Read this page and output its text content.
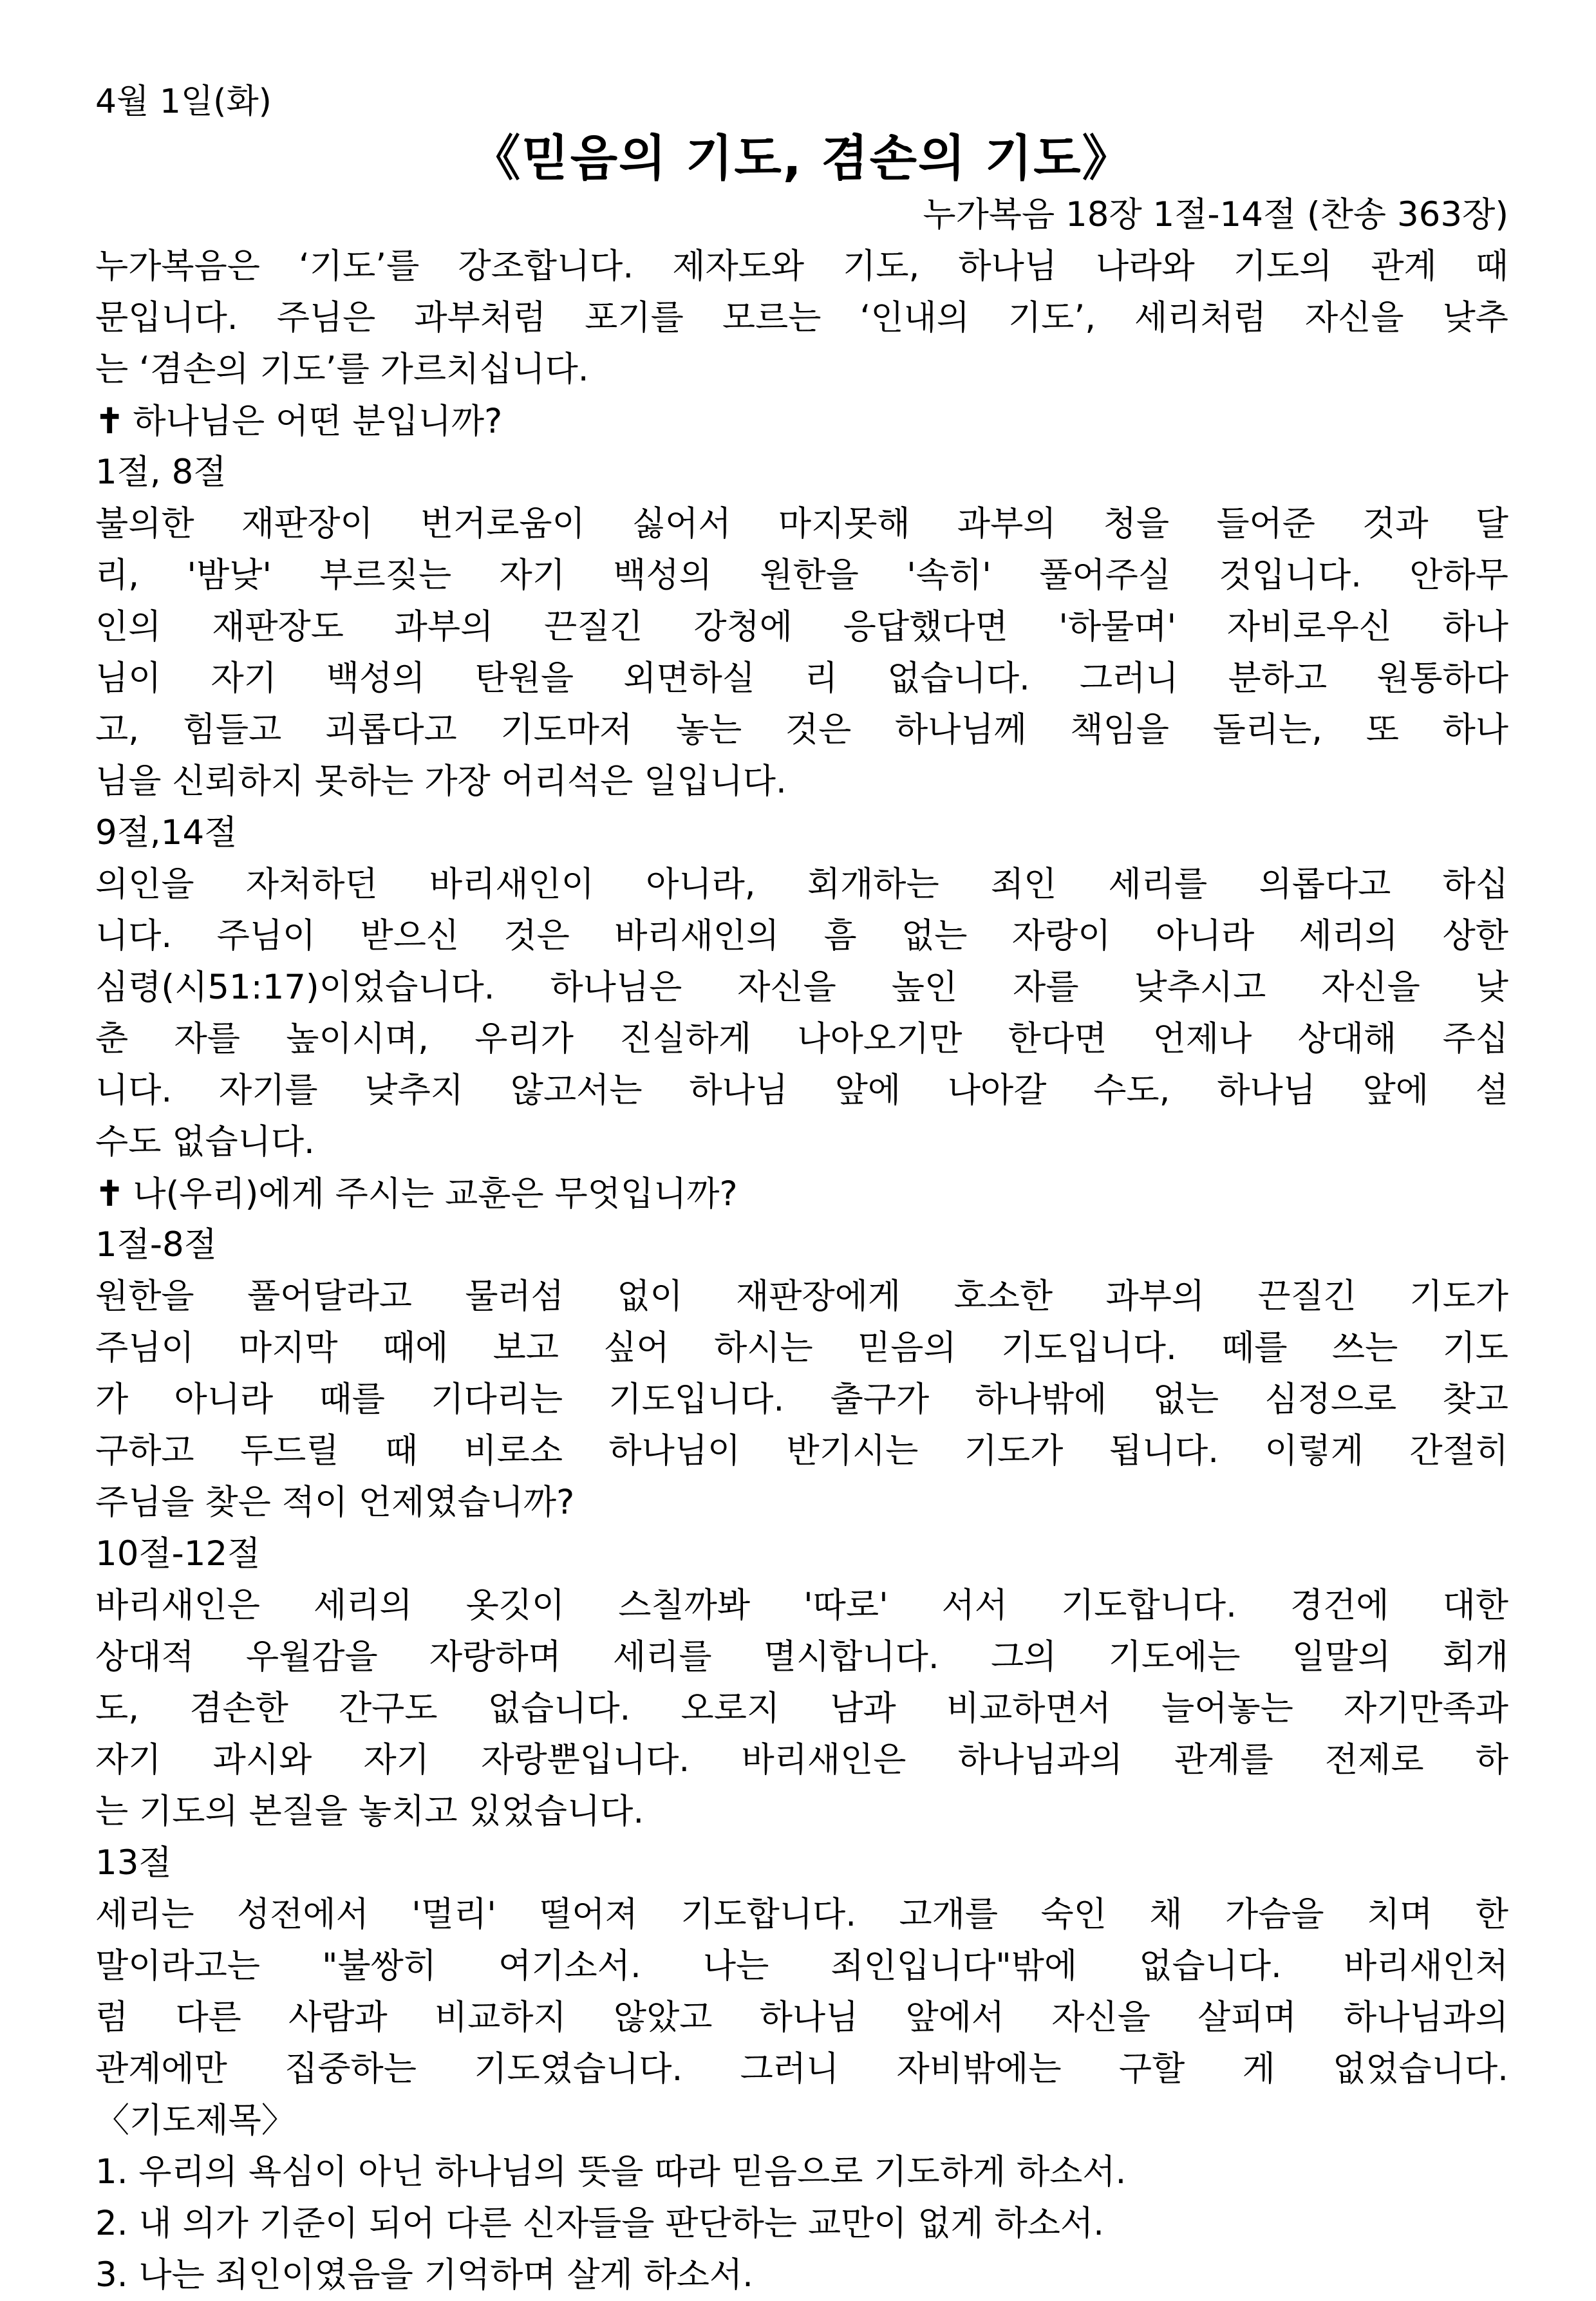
4월 1일(화)
《믿음의 기도, 겸손의 기도》
누가복음 18장 1절-14절 (찬송 363장)
누가복음은 ‘기도’를 강조합니다. 제자도와 기도, 하나님 나라와 기도의 관계 때
문입니다. 주님은 과부처럼 포기를 모르는 ‘인내의 기도’, 세리처럼 자신을 낮추
는 ‘겸손의 기도’를 가르치십니다.
✝ 하나님은 어떤 분입니까?
1절, 8절
불의한 재판장이 번거로움이 싫어서 마지못해 과부의 청을 들어준 것과 달
리, '밤낮' 부르짖는 자기 백성의 원한을 '속히' 풀어주실 것입니다. 안하무
인의 재판장도 과부의 끈질긴 강청에 응답했다면 '하물며' 자비로우신 하나
님이 자기 백성의 탄원을 외면하실 리 없습니다. 그러니 분하고 원통하다
고, 힘들고 괴롭다고 기도마저 놓는 것은 하나님께 책임을 돌리는, 또 하나
님을 신뢰하지 못하는 가장 어리석은 일입니다.
9절,14절
의인을 자처하던 바리새인이 아니라, 회개하는 죄인 세리를 의롭다고 하십
니다. 주님이 받으신 것은 바리새인의 흠 없는 자랑이 아니라 세리의 상한
심령(시51:17)이었습니다. 하나님은 자신을 높인 자를 낮추시고 자신을 낮
춘 자를 높이시며, 우리가 진실하게 나아오기만 한다면 언제나 상대해 주십
니다. 자기를 낮추지 않고서는 하나님 앞에 나아갈 수도, 하나님 앞에 설
수도 없습니다.
✝ 나(우리)에게 주시는 교훈은 무엇입니까?
1절-8절
원한을 풀어달라고 물러섬 없이 재판장에게 호소한 과부의 끈질긴 기도가
주님이 마지막 때에 보고 싶어 하시는 믿음의 기도입니다. 떼를 쓰는 기도
가 아니라 때를 기다리는 기도입니다. 출구가 하나밖에 없는 심정으로 찾고
구하고 두드릴 때 비로소 하나님이 반기시는 기도가 됩니다. 이렇게 간절히
주님을 찾은 적이 언제였습니까?
10절-12절
바리새인은 세리의 옷깃이 스칠까봐 '따로' 서서 기도합니다. 경건에 대한
상대적 우월감을 자랑하며 세리를 멸시합니다. 그의 기도에는 일말의 회개
도, 겸손한 간구도 없습니다. 오로지 남과 비교하면서 늘어놓는 자기만족과
자기 과시와 자기 자랑뿐입니다. 바리새인은 하나님과의 관계를 전제로 하
는 기도의 본질을 놓치고 있었습니다.
13절
세리는 성전에서 '멀리' 떨어져 기도합니다. 고개를 숙인 채 가슴을 치며 한
말이라고는 "불쌍히 여기소서. 나는 죄인입니다"밖에 없습니다. 바리새인처
럼 다른 사람과 비교하지 않았고 하나님 앞에서 자신을 살피며 하나님과의
관계에만 집중하는 기도였습니다. 그러니 자비밖에는 구할 게 없었습니다.
〈기도제목〉
1. 우리의 욕심이 아닌 하나님의 뜻을 따라 믿음으로 기도하게 하소서.
2. 내 의가 기준이 되어 다른 신자들을 판단하는 교만이 없게 하소서.
3. 나는 죄인이였음을 기억하며 살게 하소서.
